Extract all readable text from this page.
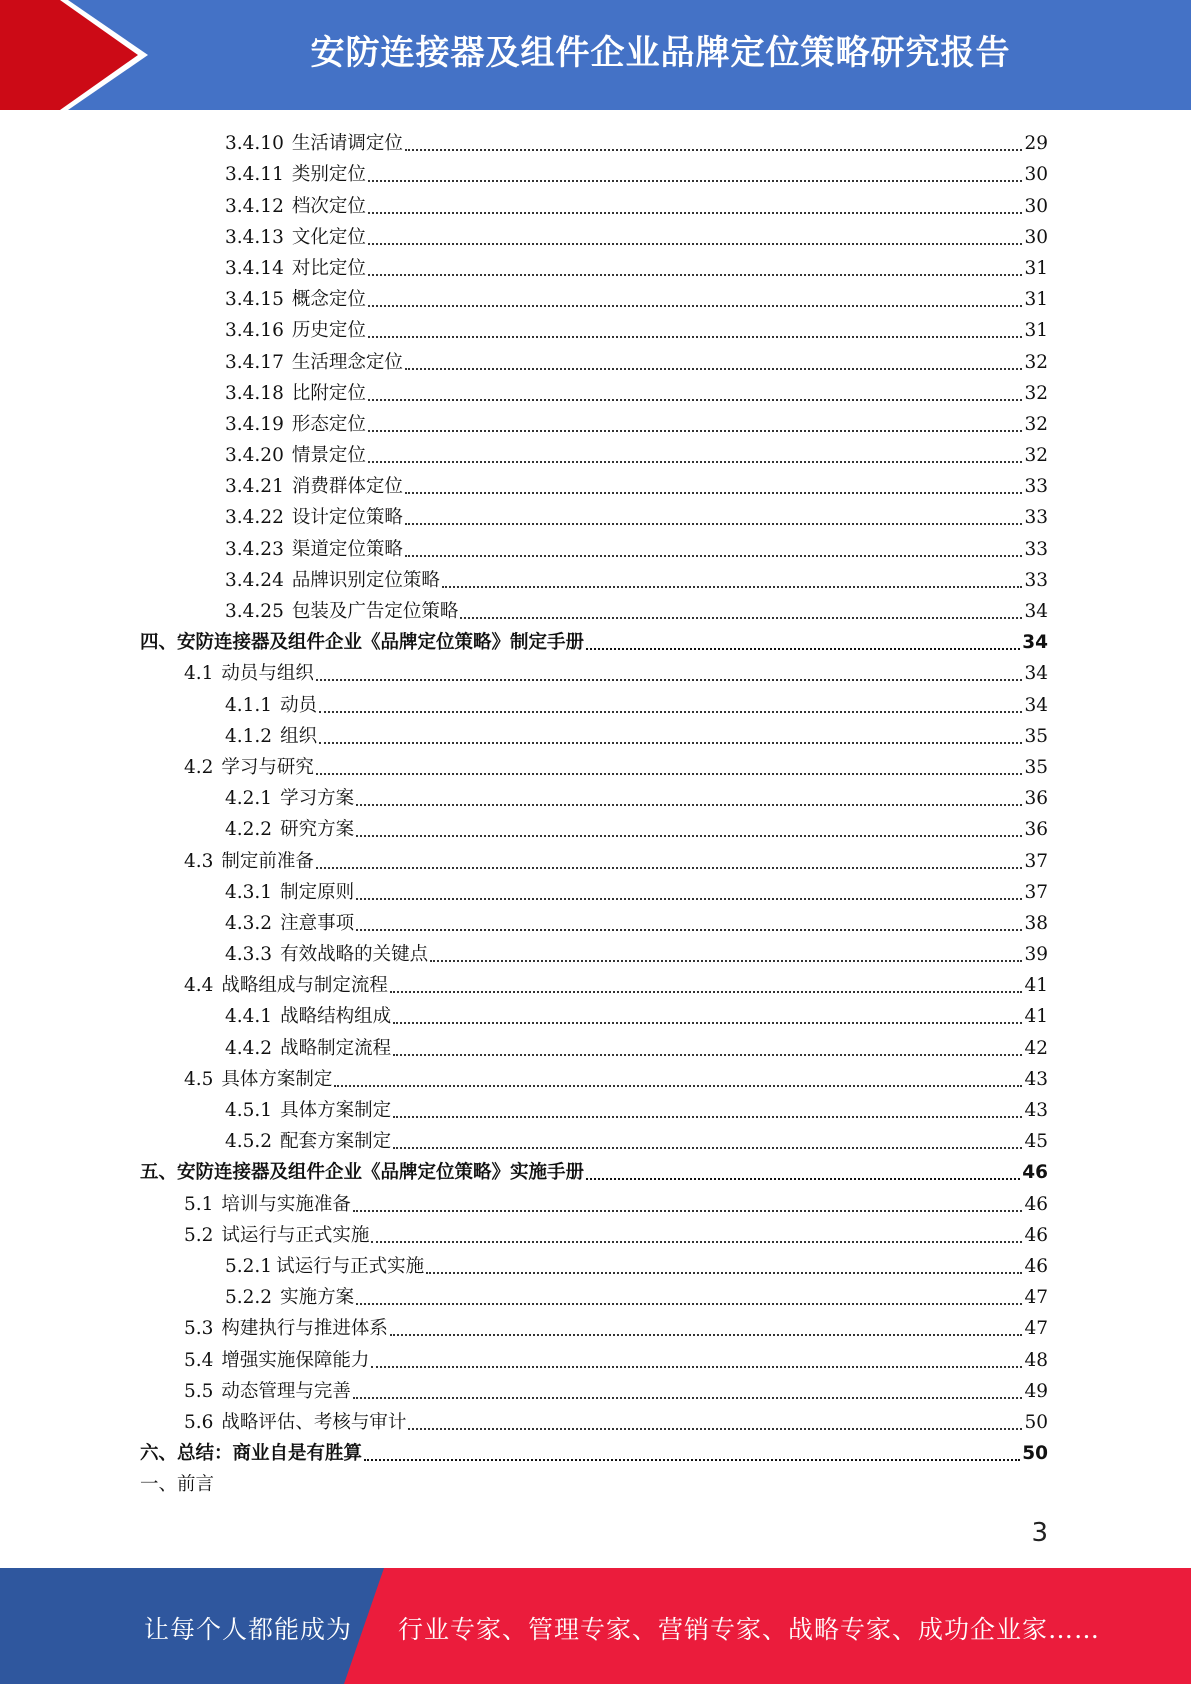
安防连接器及组件企业品牌定位策略研究报告
3.4.10 生活请调定位	29
3.4.11 类别定位	30
3.4.12 档次定位	30
3.4.13 文化定位	30
3.4.14 对比定位	31
3.4.15 概念定位	31
3.4.16 历史定位	31
3.4.17 生活理念定位	32
3.4.18 比附定位	32
3.4.19 形态定位	32
3.4.20 情景定位	32
3.4.21 消费群体定位	33
3.4.22 设计定位策略	33
3.4.23 渠道定位策略	33
3.4.24 品牌识别定位策略	33
3.4.25 包装及广告定位策略	34
四、安防连接器及组件企业《品牌定位策略》制定手册	34
4.1 动员与组织	34
4.1.1 动员	34
4.1.2 组织	35
4.2 学习与研究	35
4.2.1 学习方案	36
4.2.2 研究方案	36
4.3 制定前准备	37
4.3.1 制定原则	37
4.3.2 注意事项	38
4.3.3 有效战略的关键点	39
4.4 战略组成与制定流程	41
4.4.1 战略结构组成	41
4.4.2 战略制定流程	42
4.5 具体方案制定	43
4.5.1 具体方案制定	43
4.5.2 配套方案制定	45
五、安防连接器及组件企业《品牌定位策略》实施手册	46
5.1 培训与实施准备	46
5.2 试运行与正式实施	46
5.2.1 试运行与正式实施	46
5.2.2 实施方案	47
5.3 构建执行与推进体系	47
5.4 增强实施保障能力	48
5.5 动态管理与完善	49
5.6 战略评估、考核与审计	50
六、总结：商业自是有胜算	50
一、前言
3
让每个人都能成为 行业专家、管理专家、营销专家、战略专家、成功企业家……
